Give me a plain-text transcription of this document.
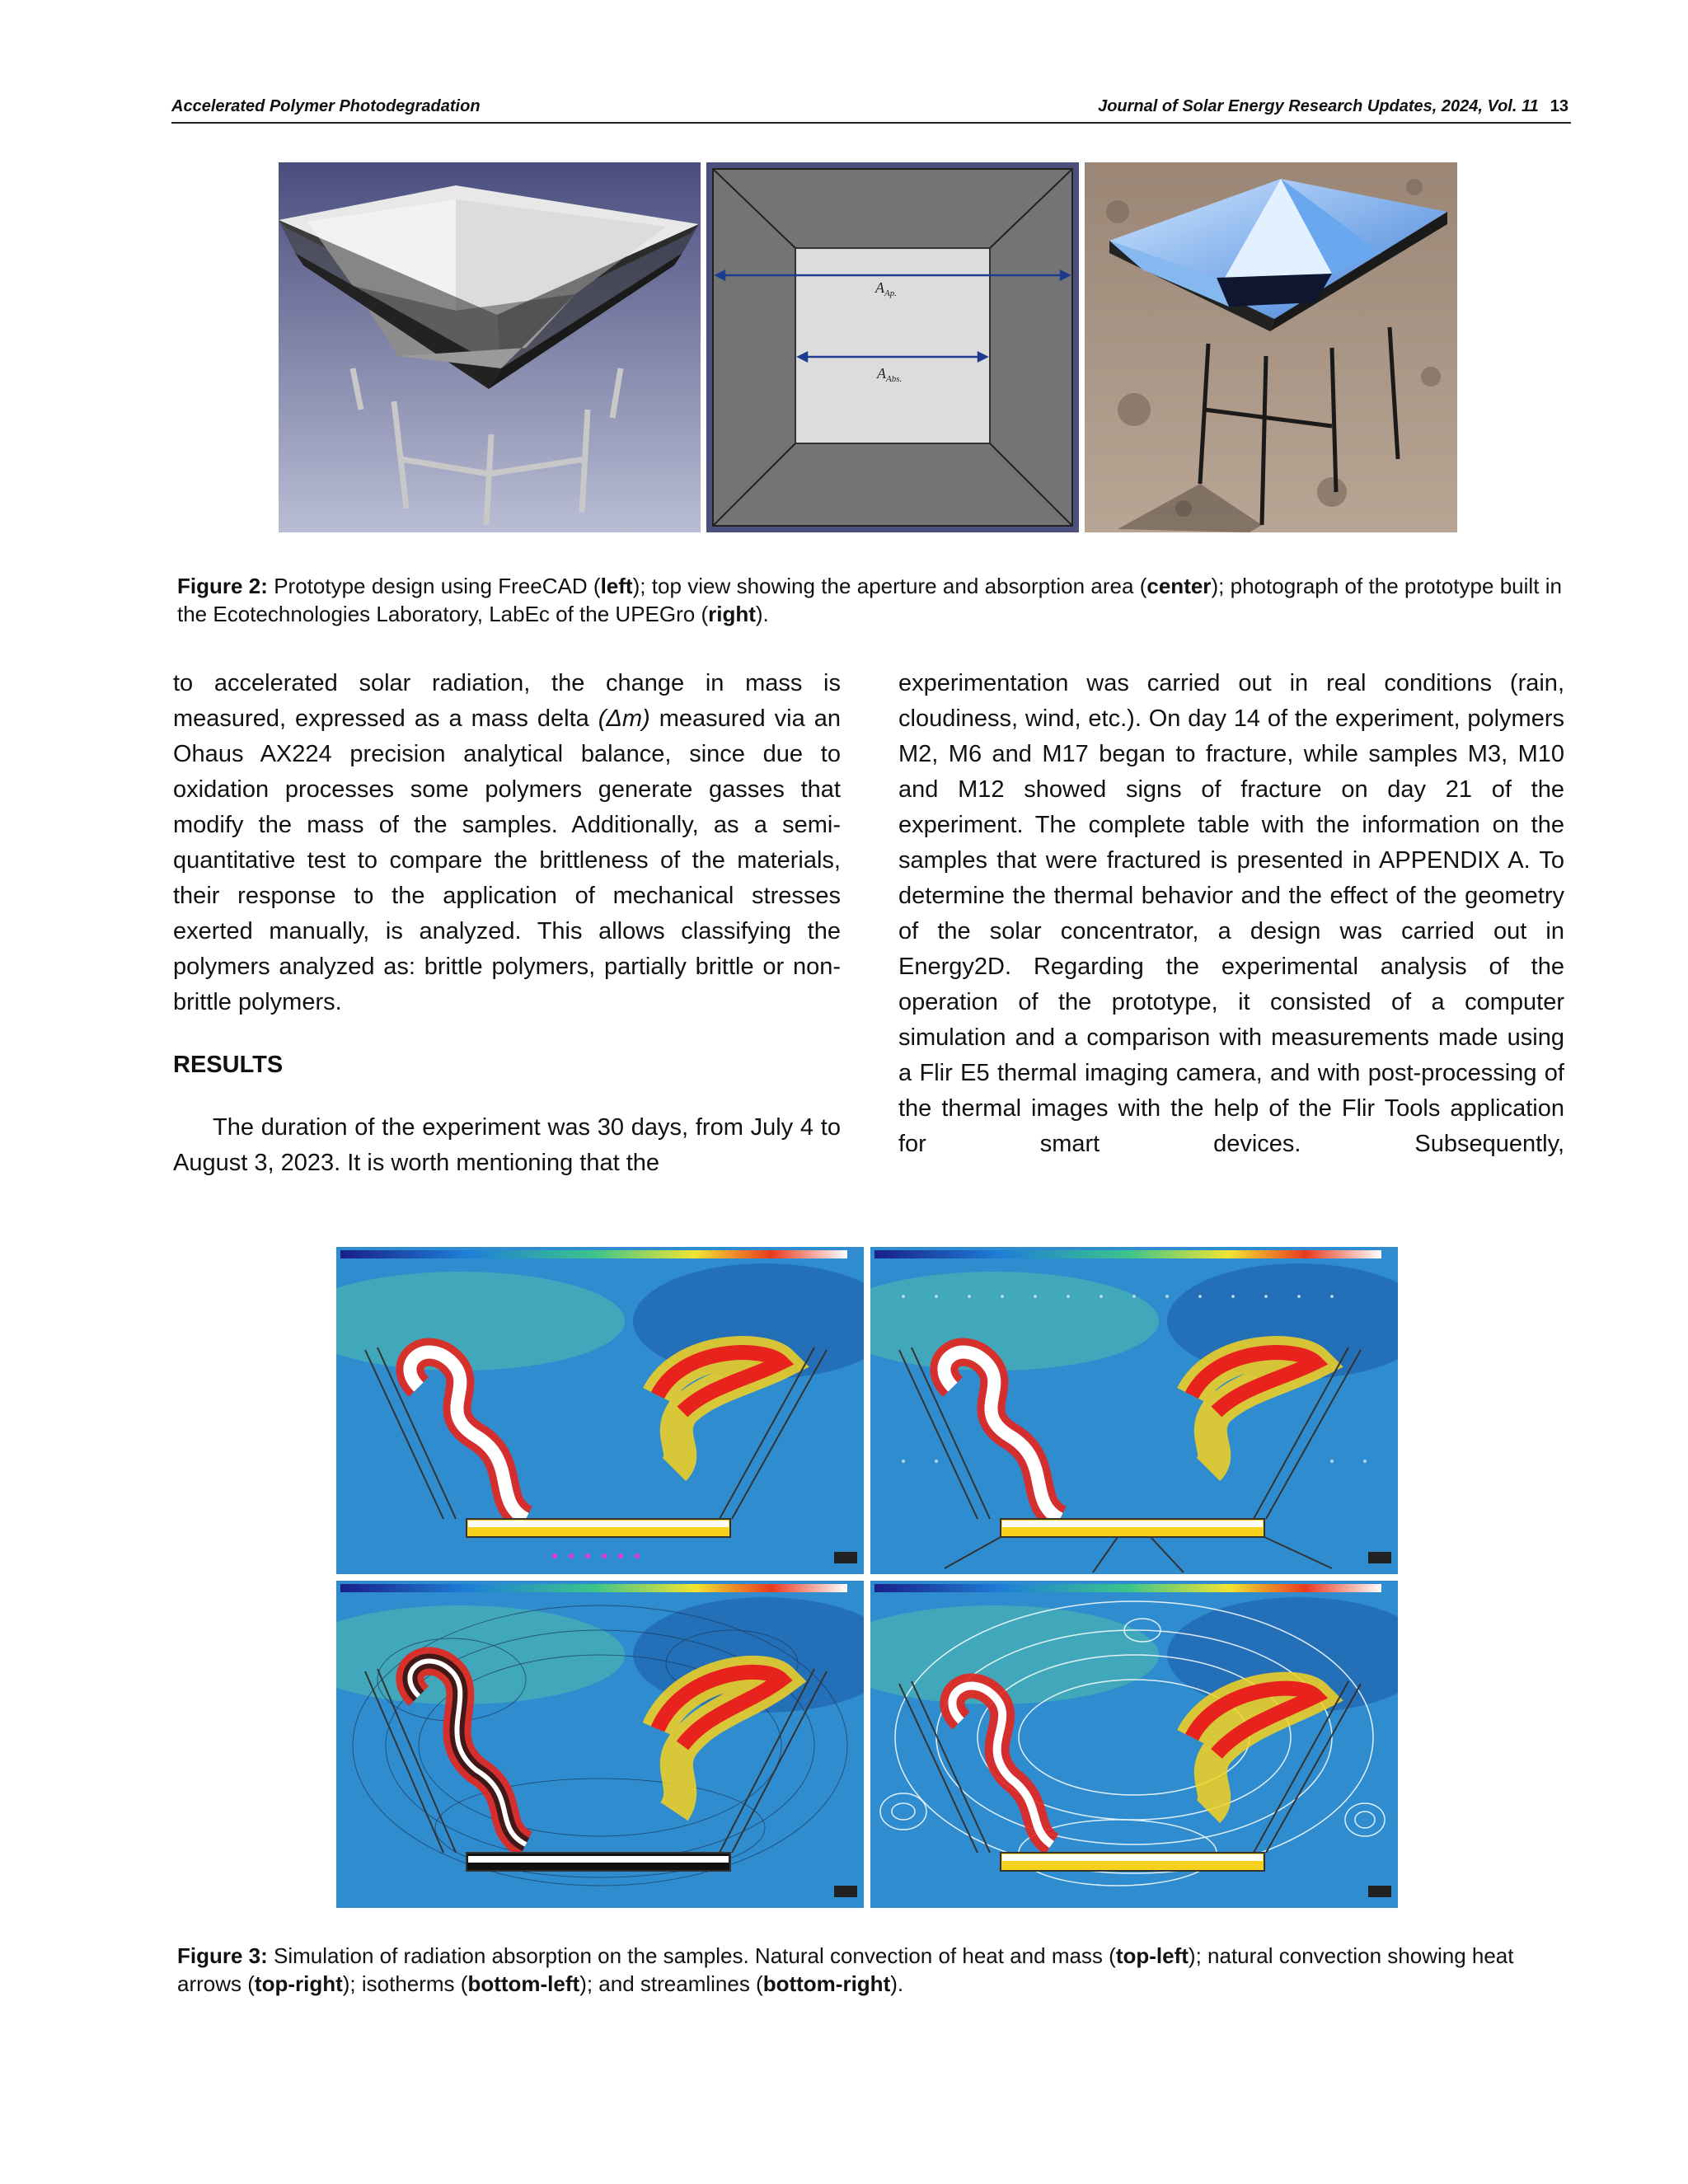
Accelerated Polymer Photodegradation	Journal of Solar Energy Research Updates, 2024, Vol. 11 13
$A_{Ap.}$
$A_{Abs.}$
Figure 2: Prototype design using FreeCAD (left); top view showing the aperture and absorption area (center); photograph of the prototype built in the Ecotechnologies Laboratory, LabEc of the UPEGro (right).

to accelerated solar radiation, the change in mass is measured, expressed as a mass delta (Δm) measured via an Ohaus AX224 precision analytical balance, since due to oxidation processes some polymers generate gasses that modify the mass of the samples. Additionally, as a semi-quantitative test to compare the brittleness of the materials, their response to the application of mechanical stresses exerted manually, is analyzed. This allows classifying the polymers analyzed as: brittle polymers, partially brittle or non-brittle polymers.

RESULTS

The duration of the experiment was 30 days, from July 4 to August 3, 2023. It is worth mentioning that the

experimentation was carried out in real conditions (rain, cloudiness, wind, etc.). On day 14 of the experiment, polymers M2, M6 and M17 began to fracture, while samples M3, M10 and M12 showed signs of fracture on day 21 of the experiment. The complete table with the information on the samples that were fractured is presented in APPENDIX A. To determine the thermal behavior and the effect of the geometry of the solar concentrator, a design was carried out in Energy2D. Regarding the experimental analysis of the operation of the prototype, it consisted of a computer simulation and a comparison with measurements made using a Flir E5 thermal imaging camera, and with post-processing of the thermal images with the help of the Flir Tools application for smart devices. Subsequently,

Figure 3: Simulation of radiation absorption on the samples. Natural convection of heat and mass (top-left); natural convection showing heat arrows (top-right); isotherms (bottom-left); and streamlines (bottom-right).
